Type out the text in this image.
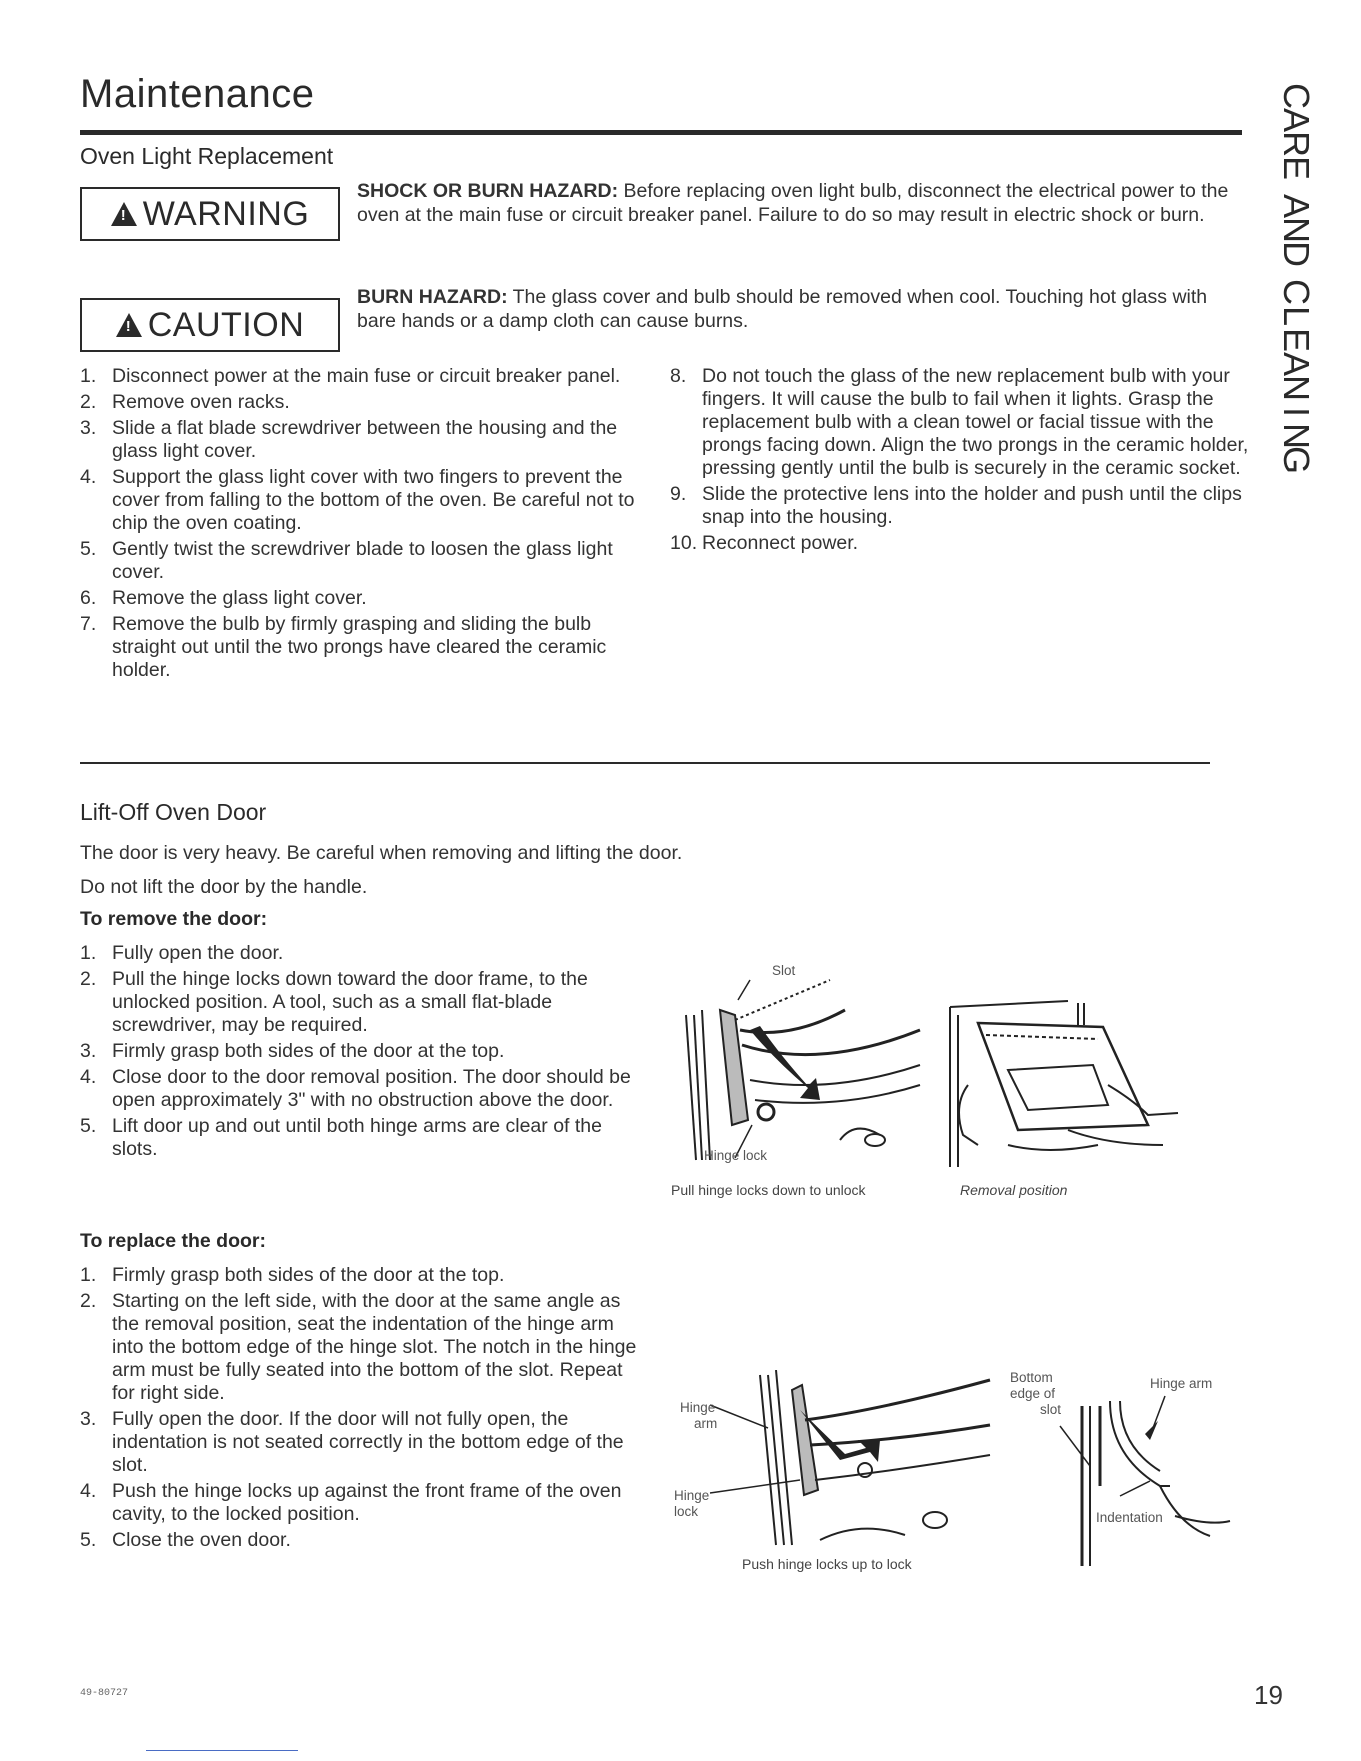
Maintenance	C
A
R
E
A
N
D
C
L
E
A
N
I
N
G
Oven Light Replacement
!
WARNING

SHOCK OR BURN HAZARD: Before replacing oven light bulb, disconnect the electrical power to the oven at the main fuse or circuit breaker panel. Failure to do so may result in electric shock or burn.

!
CAUTION

BURN HAZARD: The glass cover and bulb should be removed when cool. Touching hot glass with bare hands or a damp cloth can cause burns.

1. Disconnect power at the main fuse or circuit breaker panel.
2. Remove oven racks.
3. Slide a flat blade screwdriver between the housing and the glass light cover.
4. Support the glass light cover with two fingers to prevent the cover from falling to the bottom of the oven. Be careful not to chip the oven coating.
5. Gently twist the screwdriver blade to loosen the glass light cover.
6. Remove the glass light cover.
7. Remove the bulb by firmly grasping and sliding the bulb straight out until the two prongs have cleared the ceramic holder.
8. Do not touch the glass of the new replacement bulb with your fingers. It will cause the bulb to fail when it lights. Grasp the replacement bulb with a clean towel or facial tissue with the prongs facing down. Align the two prongs in the ceramic holder, pressing gently until the bulb is securely in the ceramic socket.
9. Slide the protective lens into the holder and push until the clips snap into the housing.
10. Reconnect power.
Lift-Off Oven Door

The door is very heavy. Be careful when removing and lifting the door.

Do not lift the door by the handle.

To remove the door:

1. Fully open the door.
2. Pull the hinge locks down toward the door frame, to the unlocked position. A tool, such as a small flat-blade screwdriver, may be required.
3. Firmly grasp both sides of the door at the top.
4. Close door to the door removal position. The door should be open approximately 3" with no obstruction above the door.
5. Lift door up and out until both hinge arms are clear of the slots.

To replace the door:

1. Firmly grasp both sides of the door at the top.
2. Starting on the left side, with the door at the same angle as the removal position, seat the indentation of the hinge arm into the bottom edge of the hinge slot. The notch in the hinge arm must be fully seated into the bottom of the slot. Repeat for right side.
3. Fully open the door. If the door will not fully open, the indentation is not seated correctly in the bottom edge of the slot.
4. Push the hinge locks up against the front frame of the oven cavity, to the locked position.
5. Close the oven door.
Slot
Hinge lock
Pull hinge locks down to unlock	Removal position
Hinge
arm
Hinge
lock
Push hinge locks up to lock
Bottom
edge of
slot
Hinge arm
Indentation
49-80727	19
